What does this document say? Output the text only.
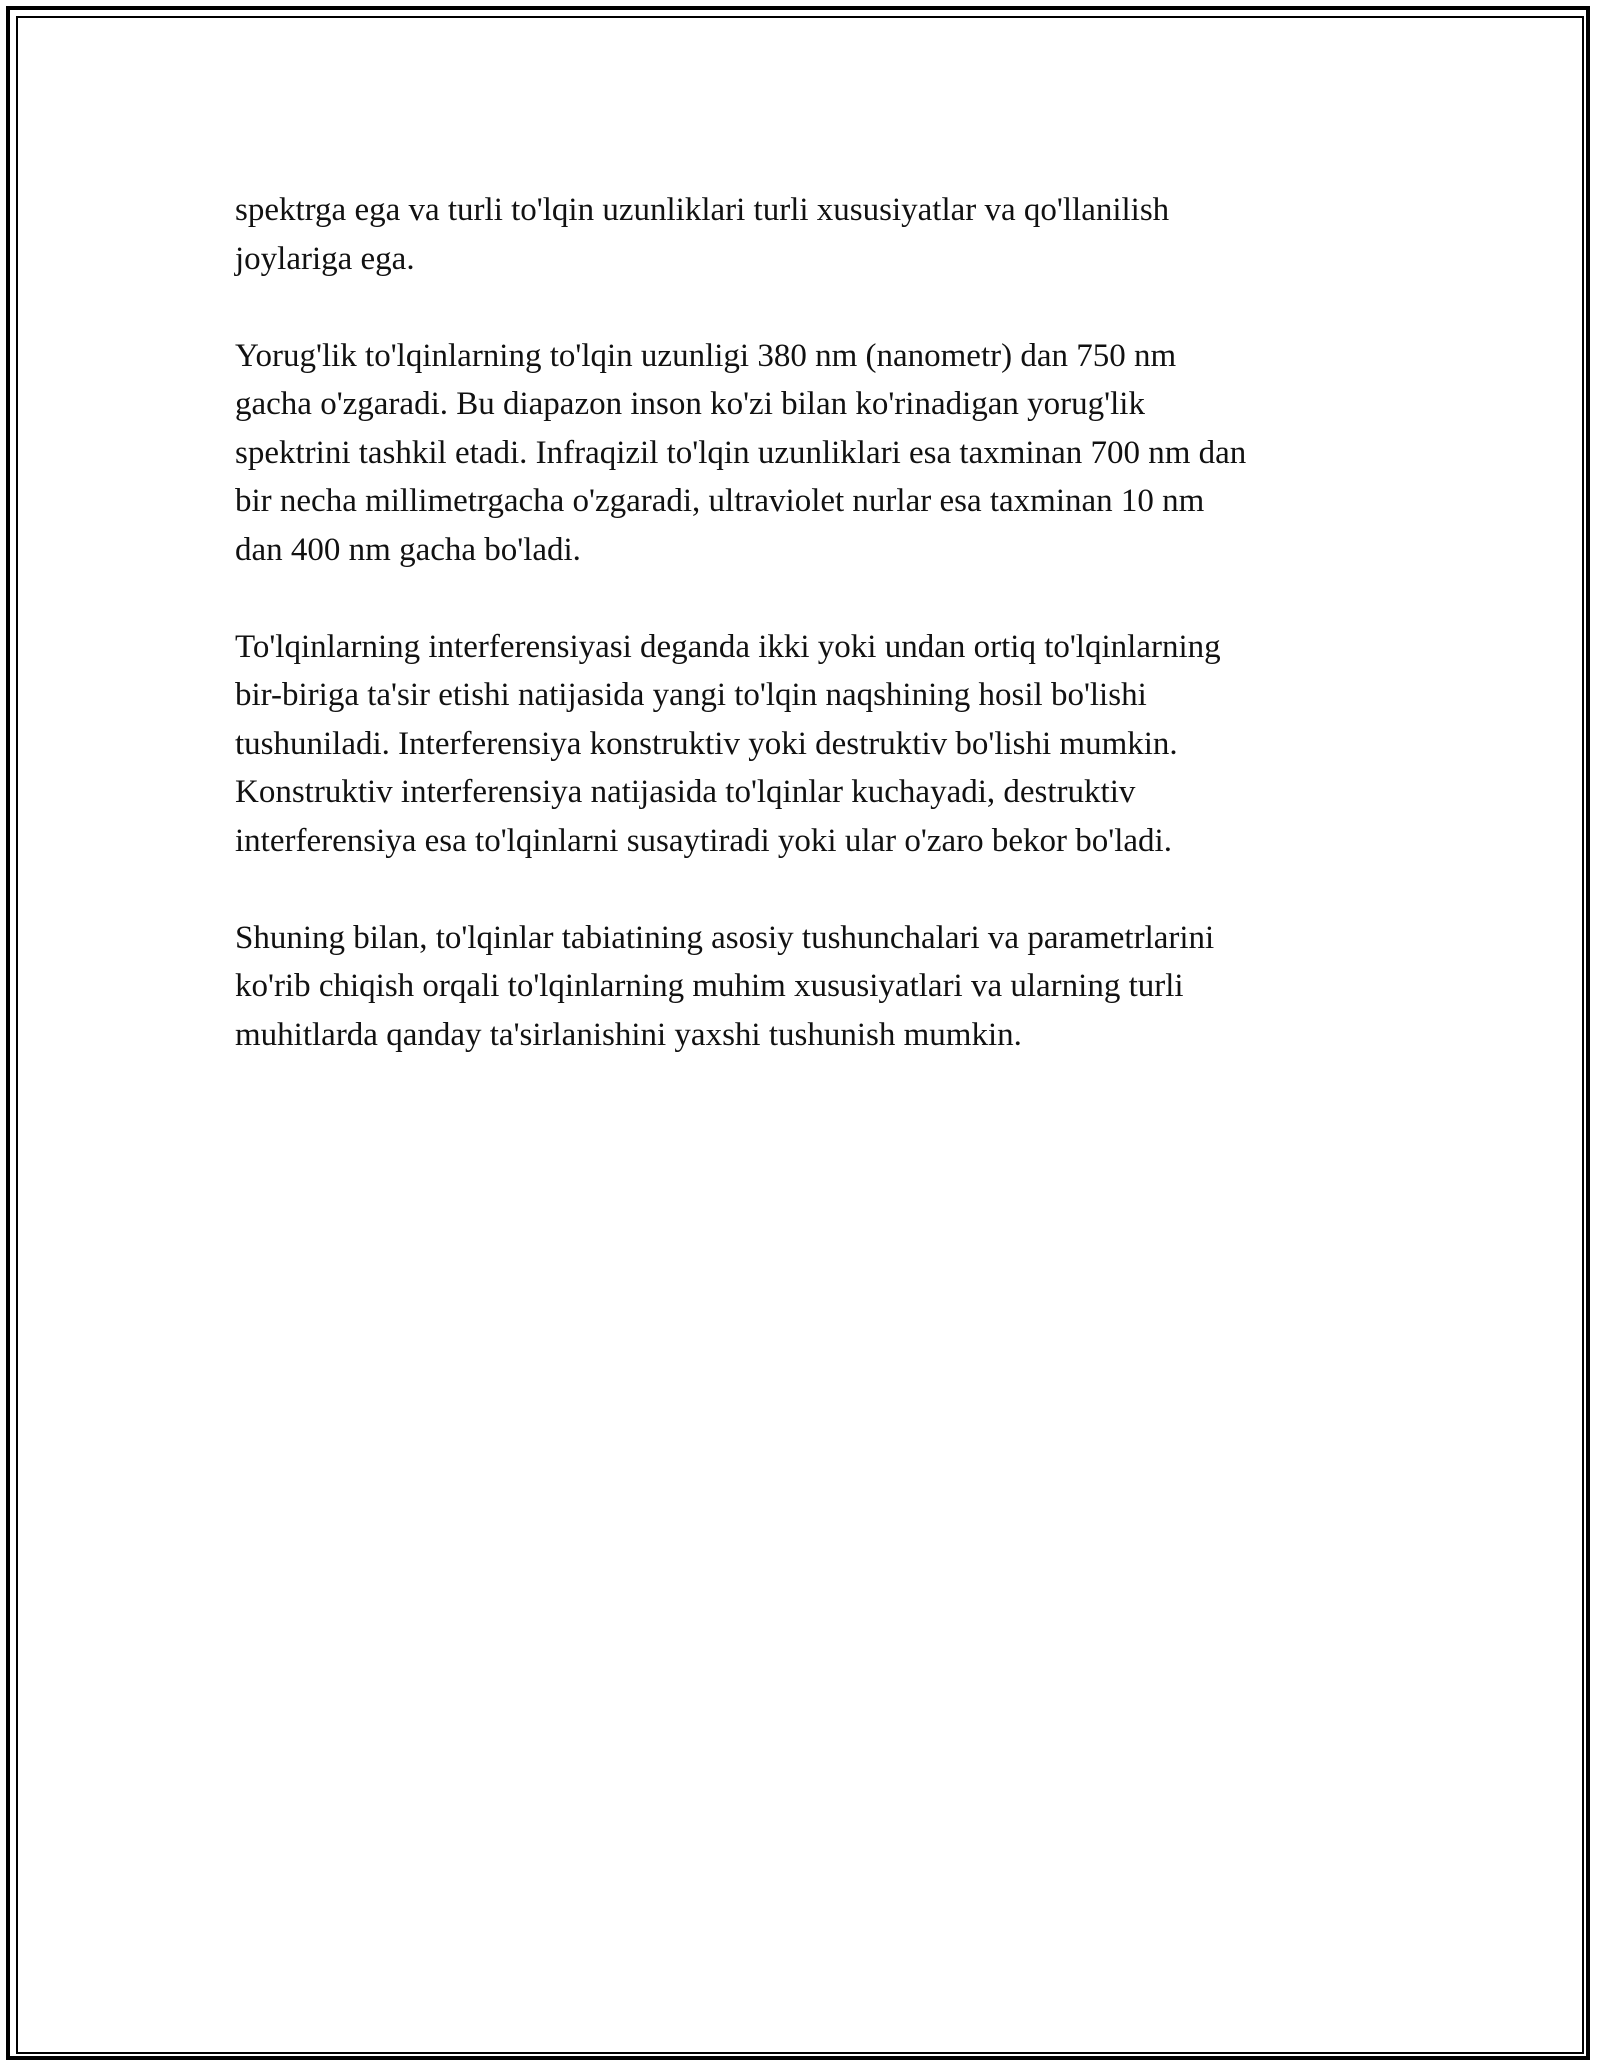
spektrga ega va turli to'lqin uzunliklari turli xususiyatlar va qo'llanilish
joylariga ega.

Yorug'lik to'lqinlarning to'lqin uzunligi 380 nm (nanometr) dan 750 nm
gacha o'zgaradi. Bu diapazon inson ko'zi bilan ko'rinadigan yorug'lik
spektrini tashkil etadi. Infraqizil to'lqin uzunliklari esa taxminan 700 nm dan
bir necha millimetrgacha o'zgaradi, ultraviolet nurlar esa taxminan 10 nm
dan 400 nm gacha bo'ladi.

To'lqinlarning interferensiyasi deganda ikki yoki undan ortiq to'lqinlarning
bir-biriga ta'sir etishi natijasida yangi to'lqin naqshining hosil bo'lishi
tushuniladi. Interferensiya konstruktiv yoki destruktiv bo'lishi mumkin.
Konstruktiv interferensiya natijasida to'lqinlar kuchayadi, destruktiv
interferensiya esa to'lqinlarni susaytiradi yoki ular o'zaro bekor bo'ladi.

Shuning bilan, to'lqinlar tabiatining asosiy tushunchalari va parametrlarini
ko'rib chiqish orqali to'lqinlarning muhim xususiyatlari va ularning turli
muhitlarda qanday ta'sirlanishini yaxshi tushunish mumkin.
